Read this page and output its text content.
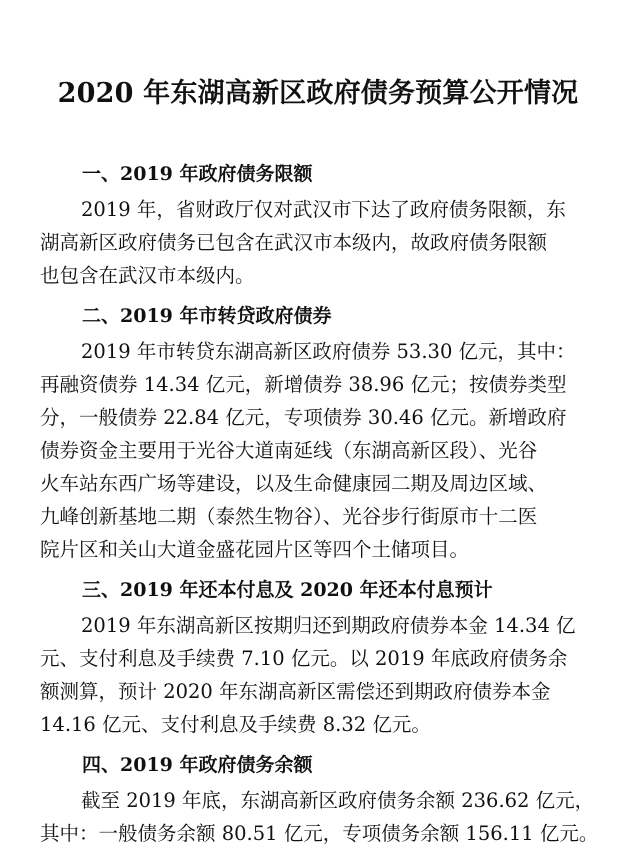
2020 年东湖高新区政府债务预算公开情况
一、2019 年政府债务限额

2019 年，省财政厅仅对武汉市下达了政府债务限额，东

湖高新区政府债务已包含在武汉市本级内，故政府债务限额

也包含在武汉市本级内。

二、2019 年市转贷政府债券

2019 年市转贷东湖高新区政府债券 53.30 亿元，其中：

再融资债券 14.34 亿元，新增债券 38.96 亿元；按债券类型

分，一般债券 22.84 亿元，专项债券 30.46 亿元。新增政府

债券资金主要用于光谷大道南延线（东湖高新区段）、光谷

火车站东西广场等建设，以及生命健康园二期及周边区域、

九峰创新基地二期（泰然生物谷）、光谷步行街原市十二医

院片区和关山大道金盛花园片区等四个土储项目。

三、2019 年还本付息及 2020 年还本付息预计

2019 年东湖高新区按期归还到期政府债券本金 14.34 亿

元、支付利息及手续费 7.10 亿元。以 2019 年底政府债务余

额测算，预计 2020 年东湖高新区需偿还到期政府债券本金

14.16 亿元、支付利息及手续费 8.32 亿元。

四、2019 年政府债务余额

截至 2019 年底，东湖高新区政府债务余额 236.62 亿元，

其中：一般债务余额 80.51 亿元，专项债务余额 156.11 亿元。
